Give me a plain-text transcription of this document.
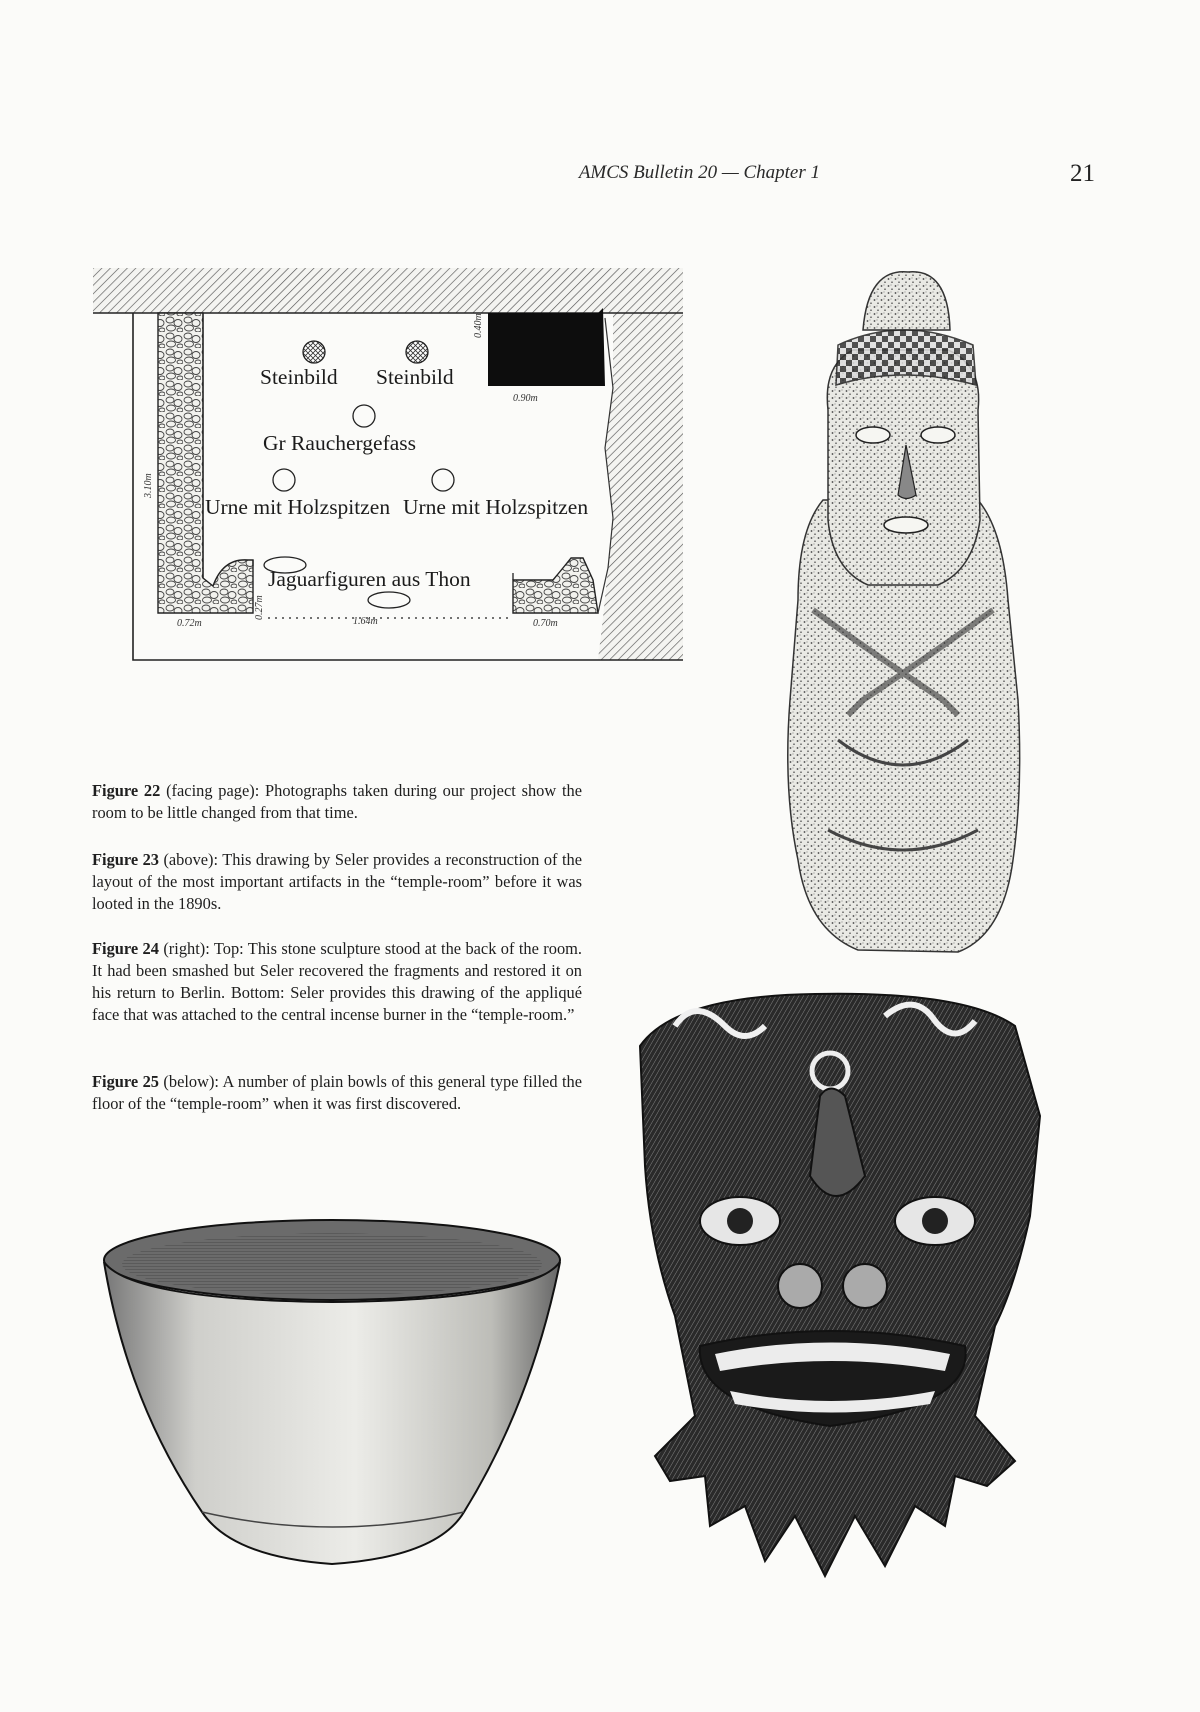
AMCS Bulletin 20 — Chapter 1	21
Steinbild Steinbild
Gr Rauchergefass
Urne mit Holzspitzen Urne mit Holzspitzen
Jaguarfiguren aus Thon
0.40m
0.90m
3.10m
0.72m
0.27m
1.64m	0.70m

Figure 22 (facing page): Photographs taken during our project show the room to be little changed from that time.

Figure 23 (above): This drawing by Seler provides a reconstruction of the layout of the most important artifacts in the “temple-room” before it was looted in the 1890s.

Figure 24 (right): Top: This stone sculpture stood at the back of the room. It had been smashed but Seler recovered the fragments and restored it on his return to Berlin. Bottom: Seler provides this drawing of the appliqué face that was attached to the central incense burner in the “temple-room.”

Figure 25 (below): A number of plain bowls of this general type filled the floor of the “temple-room” when it was first discovered.
